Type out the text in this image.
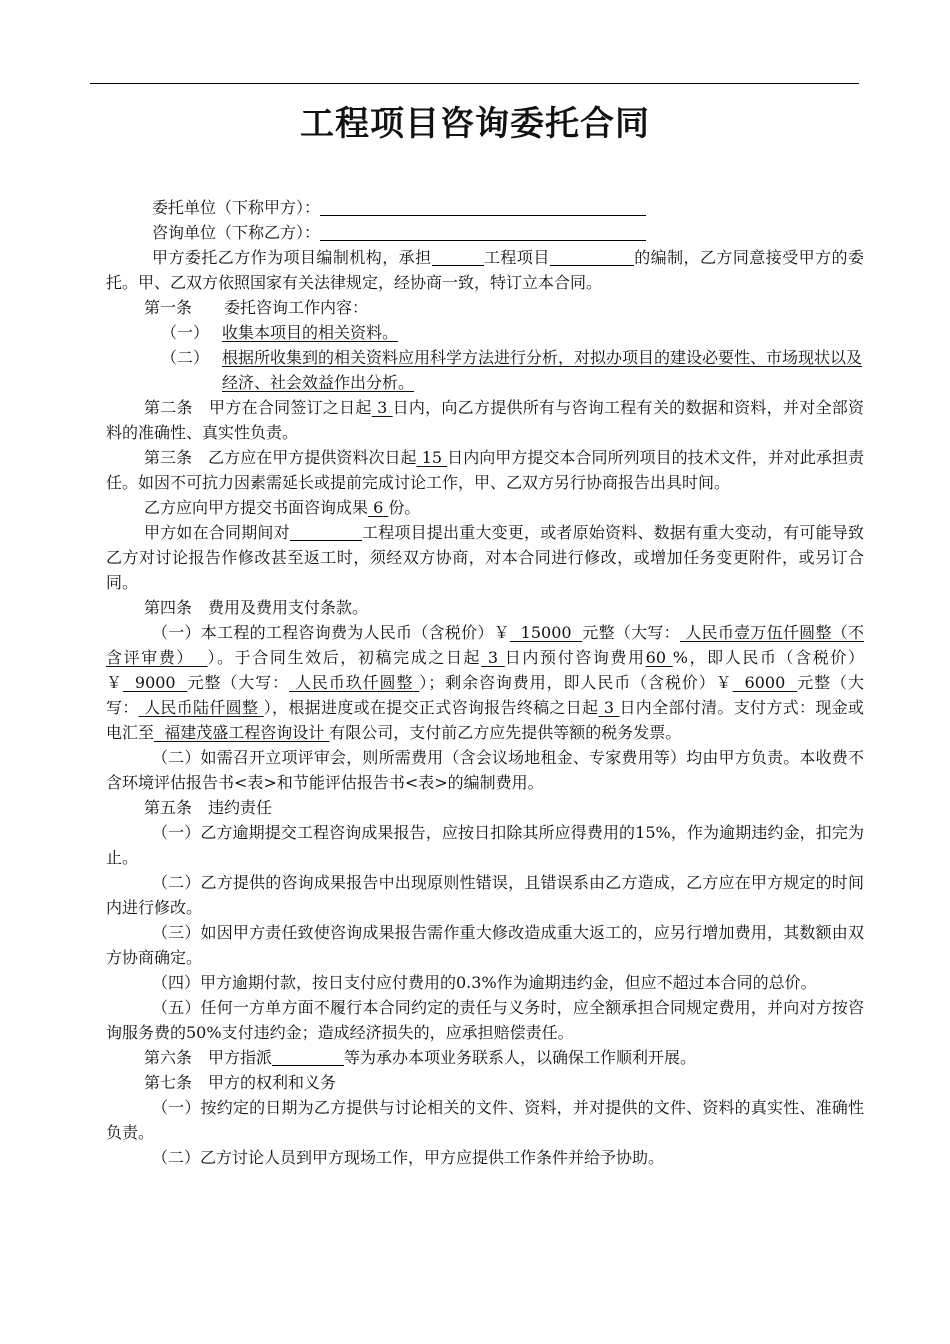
工程项目咨询委托合同

委托单位（下称甲方）：

咨询单位（下称乙方）：

甲方委托乙方作为项目编制机构，承担	工程项目	的编制，乙方同意接受甲方的委托。甲、乙双方依照国家有关法律规定，经协商一致，特订立本合同。

第一条　　委托咨询工作内容：

（一） 收集本项目的相关资料。
（二） 根据所收集到的相关资料应用科学方法进行分析，对拟办项目的建设必要性、市场现状以及经济、社会效益作出分析。

第二条　甲方在合同签订之日起 3 日内，向乙方提供所有与咨询工程有关的数据和资料，并对全部资料的准确性、真实性负责。

第三条　乙方应在甲方提供资料次日起 15 日内向甲方提交本合同所列项目的技术文件，并对此承担责任。如因不可抗力因素需延长或提前完成讨论工作，甲、乙双方另行协商报告出具时间。

乙方应向甲方提交书面咨询成果 6 份。

甲方如在合同期间对	工程项目提出重大变更，或者原始资料、数据有重大变动，有可能导致乙方对讨论报告作修改甚至返工时，须经双方协商，对本合同进行修改，或增加任务变更附件，或另订合同。

第四条　费用及费用支付条款。

（一）本工程的工程咨询费为人民币（含税价）￥ 15000 元整（大写： 人民币壹万伍仟圆整（不含评审费） ）。于合同生效后，初稿完成之日起 3 日内预付咨询费用60 %，即人民币（含税价）￥ 9000 元整（大写： 人民币玖仟圆整 ）；剩余咨询费用，即人民币（含税价）￥ 6000 元整（大写： 人民币陆仟圆整 ），根据进度或在提交正式咨询报告终稿之日起 3 日内全部付清。支付方式：现金或电汇至 福建茂盛工程咨询设计 有限公司，支付前乙方应先提供等额的税务发票。

（二）如需召开立项评审会，则所需费用（含会议场地租金、专家费用等）均由甲方负责。本收费不含环境评估报告书<表>和节能评估报告书<表>的编制费用。

第五条　违约责任

（一）乙方逾期提交工程咨询成果报告，应按日扣除其所应得费用的15%，作为逾期违约金，扣完为止。

（二）乙方提供的咨询成果报告中出现原则性错误，且错误系由乙方造成，乙方应在甲方规定的时间内进行修改。

（三）如因甲方责任致使咨询成果报告需作重大修改造成重大返工的，应另行增加费用，其数额由双方协商确定。

（四）甲方逾期付款，按日支付应付费用的0.3%作为逾期违约金，但应不超过本合同的总价。

（五）任何一方单方面不履行本合同约定的责任与义务时，应全额承担合同规定费用，并向对方按咨询服务费的50%支付违约金；造成经济损失的，应承担赔偿责任。

第六条　甲方指派	等为承办本项业务联系人，以确保工作顺利开展。

第七条　甲方的权利和义务

（一）按约定的日期为乙方提供与讨论相关的文件、资料，并对提供的文件、资料的真实性、准确性负责。

（二）乙方讨论人员到甲方现场工作，甲方应提供工作条件并给予协助。
